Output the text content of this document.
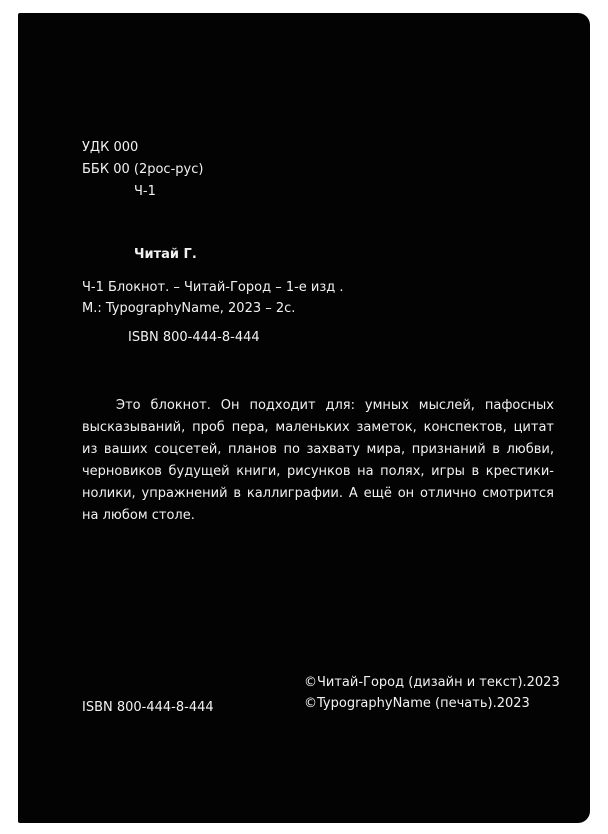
УДК 000
ББК 00 (2рос-рус)
Ч-1
Читай Г.
Ч-1 Блокнот. – Читай-Город – 1-е изд .
М.: TypographyName, 2023 – 2с.
ISBN 800-444-8-444
Это блокнот. Он подходит для: умных мыслей, пафосных высказываний, проб пера, маленьких заметок, конспектов, цитат из ваших соцсетей, планов по захвату мира, признаний в любви, черновиков будущей книги, рисунков на полях, игры в крестики-нолики, упражнений в каллиграфии. А ещё он отлично смотрится на любом столе.
©Читай-Город (дизайн и текст).2023
©TypographyName (печать).2023
ISBN 800-444-8-444
